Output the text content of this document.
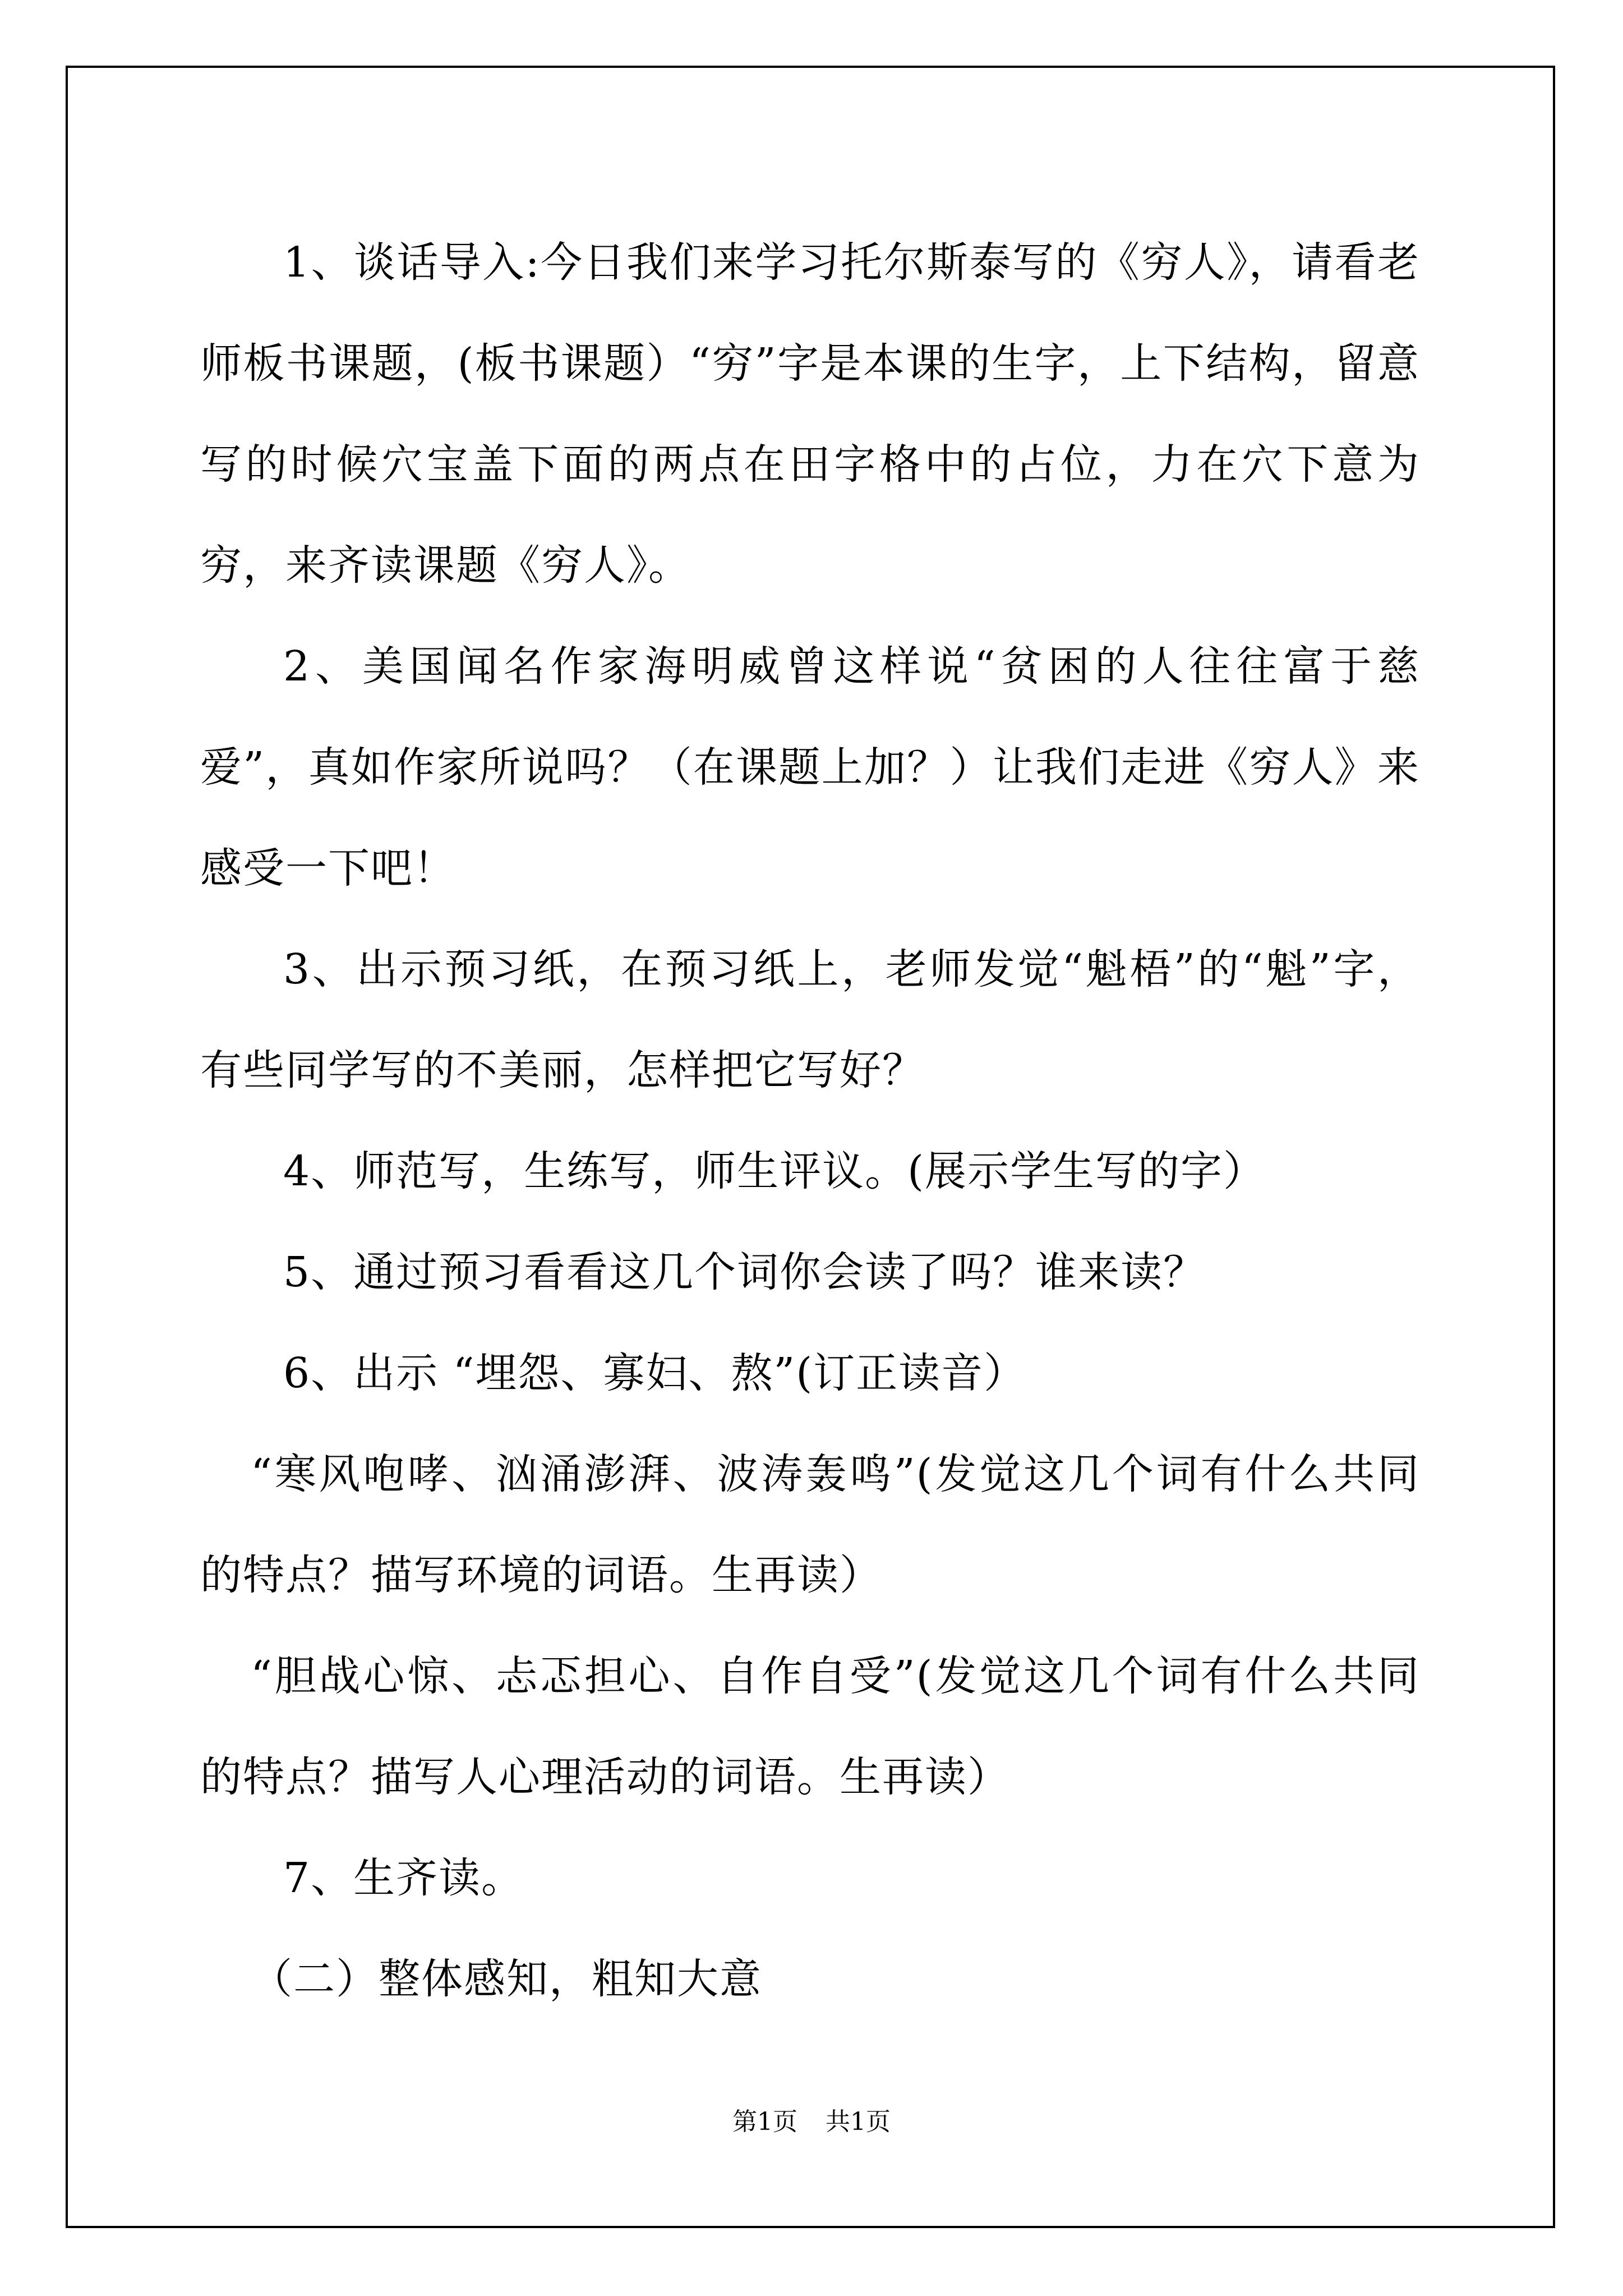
1、谈话导入:今日我们来学习托尔斯泰写的《穷人》，请看老师板书课题，(板书课题）“穷”字是本课的生字，上下结构，留意写的时候穴宝盖下面的两点在田字格中的占位，力在穴下意为穷，来齐读课题《穷人》。

2、美国闻名作家海明威曾这样说“贫困的人往往富于慈爱”，真如作家所说吗？（在课题上加？）让我们走进《穷人》来感受一下吧！

3、出示预习纸，在预习纸上，老师发觉“魁梧”的“魁”字，有些同学写的不美丽，怎样把它写好？

4、师范写，生练写，师生评议。(展示学生写的字）

5、通过预习看看这几个词你会读了吗？谁来读？

6、出示 “埋怨、寡妇、熬”(订正读音）

“寒风咆哮、汹涌澎湃、波涛轰鸣”(发觉这几个词有什么共同的特点？描写环境的词语。生再读）

“胆战心惊、忐忑担心、自作自受”(发觉这几个词有什么共同的特点？描写人心理活动的词语。生再读）

7、生齐读。

（二）整体感知，粗知大意

第1页 共1页
